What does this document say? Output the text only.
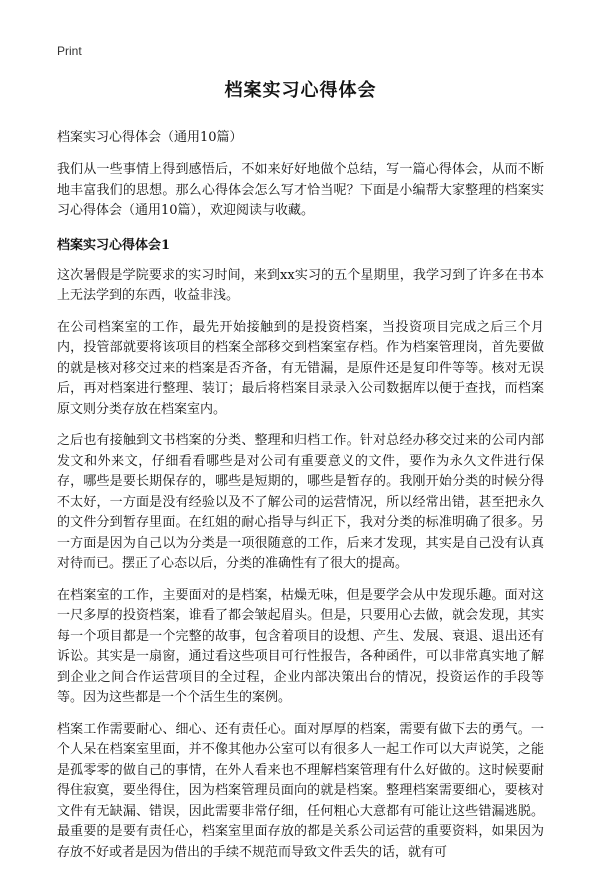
Print
档案实习心得体会
档案实习心得体会（通用10篇）

我们从一些事情上得到感悟后，不如来好好地做个总结，写一篇心得体会，从而不断地丰富我们的思想。那么心得体会怎么写才恰当呢？下面是小编帮大家整理的档案实习心得体会（通用10篇），欢迎阅读与收藏。

档案实习心得体会1

这次暑假是学院要求的实习时间，来到xx实习的五个星期里，我学习到了许多在书本上无法学到的东西，收益非浅。

在公司档案室的工作，最先开始接触到的是投资档案，当投资项目完成之后三个月内，投管部就要将该项目的档案全部移交到档案室存档。作为档案管理岗，首先要做的就是核对移交过来的档案是否齐备，有无错漏，是原件还是复印件等等。核对无误后，再对档案进行整理、装订；最后将档案目录录入公司数据库以便于查找，而档案原文则分类存放在档案室内。

之后也有接触到文书档案的分类、整理和归档工作。针对总经办移交过来的公司内部发文和外来文，仔细看看哪些是对公司有重要意义的文件，要作为永久文件进行保存，哪些是要长期保存的，哪些是短期的，哪些是暂存的。我刚开始分类的时候分得不太好，一方面是没有经验以及不了解公司的运营情况，所以经常出错，甚至把永久的文件分到暂存里面。在红姐的耐心指导与纠正下，我对分类的标准明确了很多。另一方面是因为自己以为分类是一项很随意的工作，后来才发现，其实是自己没有认真对待而已。摆正了心态以后，分类的准确性有了很大的提高。

在档案室的工作，主要面对的是档案，枯燥无味，但是要学会从中发现乐趣。面对这一尺多厚的投资档案，谁看了都会皱起眉头。但是，只要用心去做，就会发现，其实每一个项目都是一个完整的故事，包含着项目的设想、产生、发展、衰退、退出还有诉讼。其实是一扇窗，通过看这些项目可行性报告，各种函件，可以非常真实地了解到企业之间合作运营项目的全过程，企业内部决策出台的情况，投资运作的手段等等。因为这些都是一个个活生生的案例。

档案工作需要耐心、细心、还有责任心。面对厚厚的档案，需要有做下去的勇气。一个人呆在档案室里面，并不像其他办公室可以有很多人一起工作可以大声说笑，之能是孤零零的做自己的事情，在外人看来也不理解档案管理有什么好做的。这时候要耐得住寂寞，要坐得住，因为档案管理员面向的就是档案。整理档案需要细心，要核对文件有无缺漏、错误，因此需要非常仔细，任何粗心大意都有可能让这些错漏逃脱。最重要的是要有责任心，档案室里面存放的都是关系公司运营的重要资料，如果因为存放不好或者是因为借出的手续不规范而导致文件丢失的话，就有可
